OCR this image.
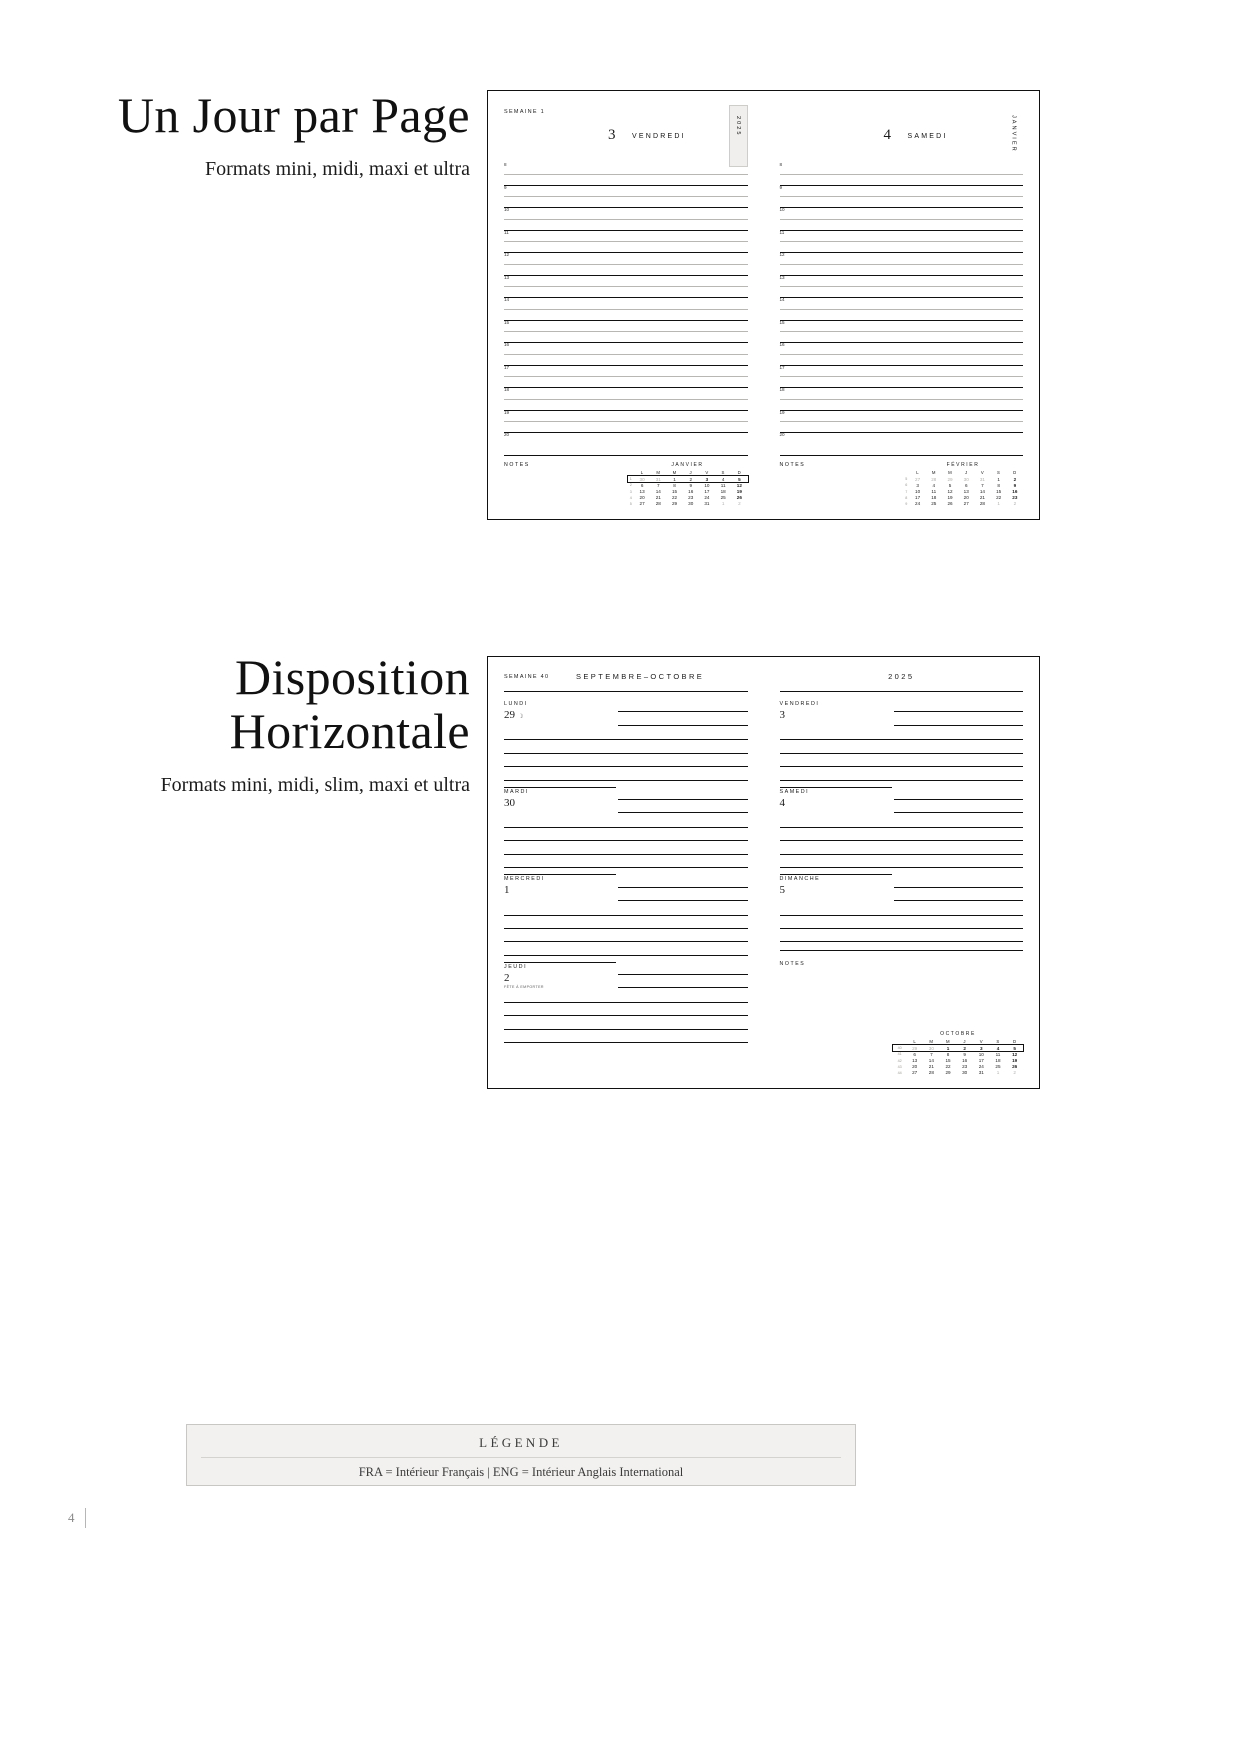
Un Jour par Page
Formats mini, midi, maxi et ultra
SEMAINE 1
3 VENDREDI
2025
8
9
10
11
12
13
14
15
16
17
18
19
20
NOTES	JANVIER
	L	M	M	J	V	S	D
1	30	31	1	2	3	4	5
2	6	7	8	9	10	11	12
3	13	14	15	16	17	18	19
4	20	21	22	23	24	25	26
5	27	28	29	30	31	1	2
4 SAMEDI	JANVIER
8
9
10
11
12
13
14
15
16
17
18
19
20
NOTES	FÉVRIER
	L	M	M	J	V	S	D
5	27	28	29	30	31	1	2
6	3	4	5	6	7	8	9
7	10	11	12	13	14	15	16
8	17	18	19	20	21	22	23
9	24	25	26	27	28	1	2
Disposition
Horizontale
Formats mini, midi, slim, maxi et ultra
SEMAINE 40	SEPTEMBRE–OCTOBRE
LUNDI
29 ☽
MARDI
30
MERCREDI
1
JEUDI
2
FÊTE À EMPORTER
2025
VENDREDI
3
SAMEDI
4
DIMANCHE
5
NOTES
OCTOBRE
	L	M	M	J	V	S	D
40	29	30	1	2	3	4	5
41	6	7	8	9	10	11	12
42	13	14	15	16	17	18	19
43	20	21	22	23	24	25	26
44	27	28	29	30	31	1	2
LÉGENDE
FRA = Intérieur Français | ENG = Intérieur Anglais International
4
